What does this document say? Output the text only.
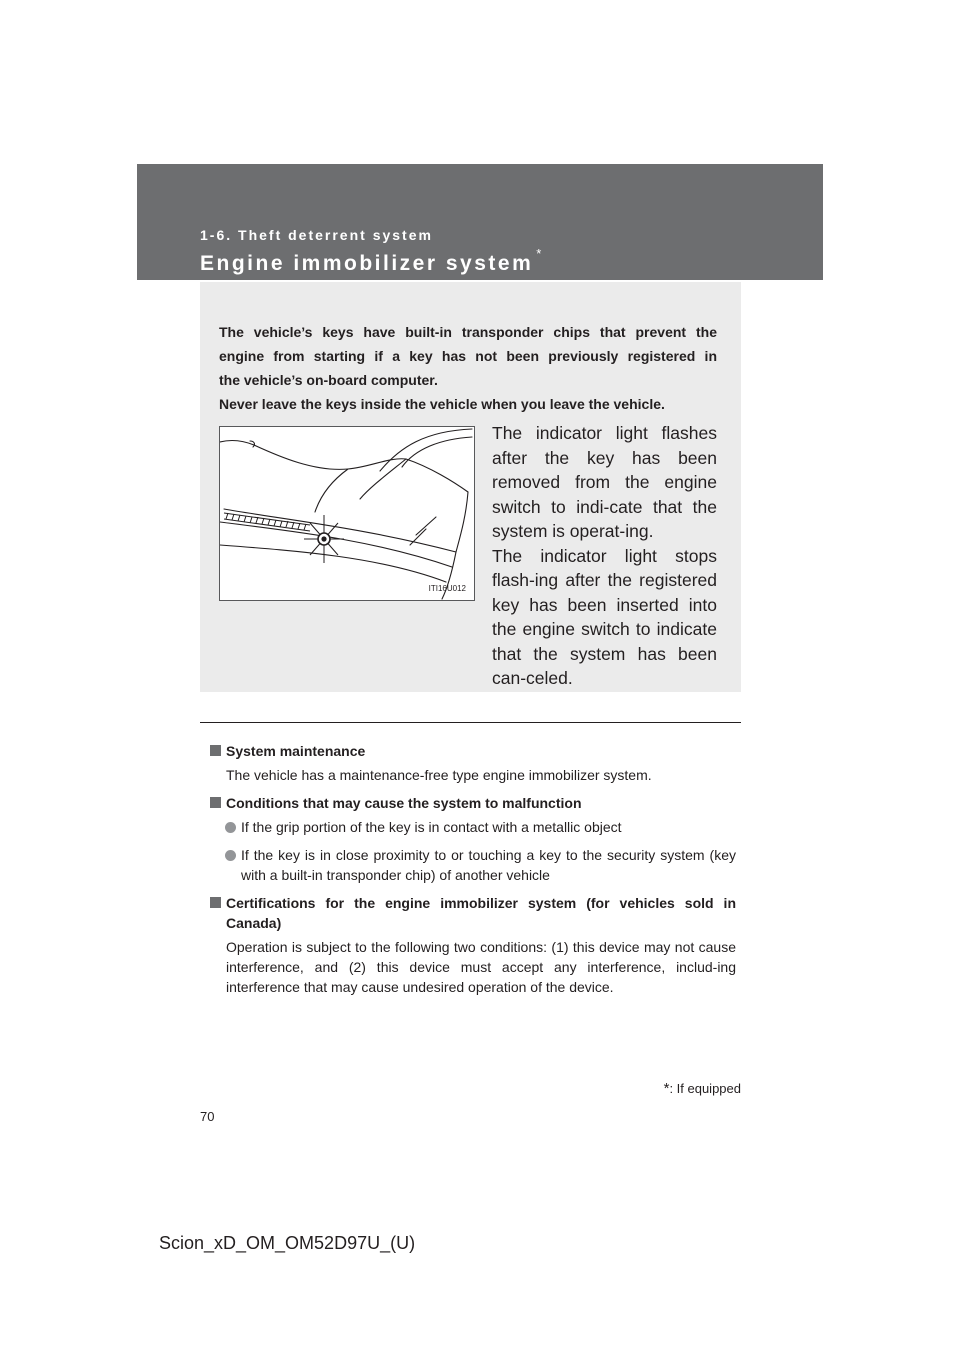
1-6. Theft deterrent system
Engine immobilizer system *

The vehicle’s keys have built-in transponder chips that prevent the

engine from starting if a key has not been previously registered in

the vehicle’s on-board computer.

Never leave the keys inside the vehicle when you leave the vehicle.

ITI16U012

The indicator light flashes after the key has been removed from the engine switch to indi-cate that the system is operat-ing.

The indicator light stops flash-ing after the registered key has been inserted into the engine switch to indicate that the system has been can-celed.

System maintenance
The vehicle has a maintenance-free type engine immobilizer system.
Conditions that may cause the system to malfunction
If the grip portion of the key is in contact with a metallic object
If the key is in close proximity to or touching a key to the security system (key with a built-in transponder chip) of another vehicle
Certifications for the engine immobilizer system (for vehicles sold in Canada)
Operation is subject to the following two conditions: (1) this device may not cause interference, and (2) this device must accept any interference, includ-ing interference that may cause undesired operation of the device.
*: If equipped
70
Scion_xD_OM_OM52D97U_(U)
